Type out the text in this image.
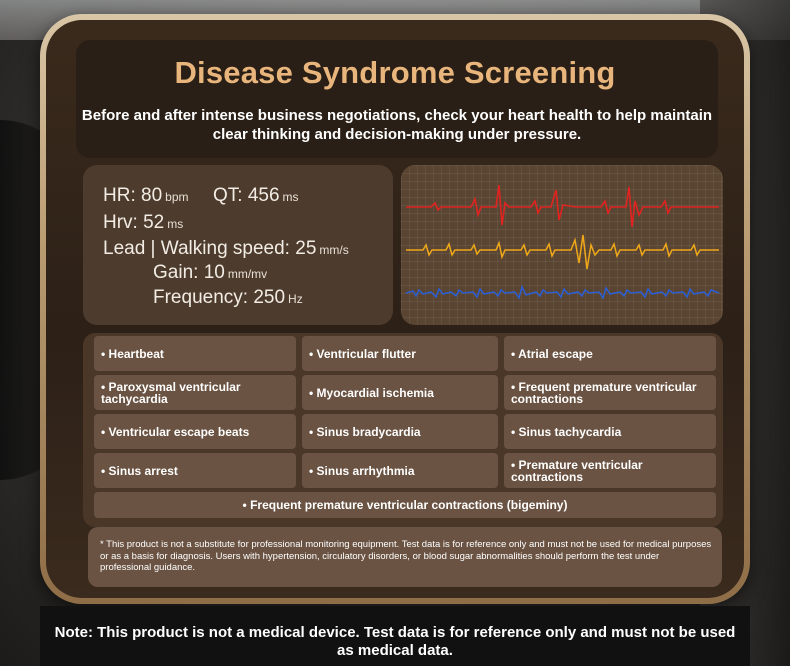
Disease Syndrome Screening
Before and after intense business negotiations, check your heart health to help maintain clear thinking and decision-making under pressure.
HR: 80 bpm QT: 456 ms
Hrv: 52 ms
Lead | Walking speed: 25 mm/s
Gain: 10 mm/mv
Frequency: 250 Hz
• Heartbeat	• Ventricular flutter	• Atrial escape
• Paroxysmal ventricular tachycardia	• Myocardial ischemia	• Frequent premature ventricular contractions
• Ventricular escape beats	• Sinus bradycardia	• Sinus tachycardia
• Sinus arrest	• Sinus arrhythmia	• Premature ventricular contractions
• Frequent premature ventricular contractions (bigeminy)
* This product is not a substitute for professional monitoring equipment. Test data is for reference only and must not be used for medical purposes or as a basis for diagnosis. Users with hypertension, circulatory disorders, or blood sugar abnormalities should perform the test under professional guidance.
Note: This product is not a medical device. Test data is for reference only and must not be used as medical data.
